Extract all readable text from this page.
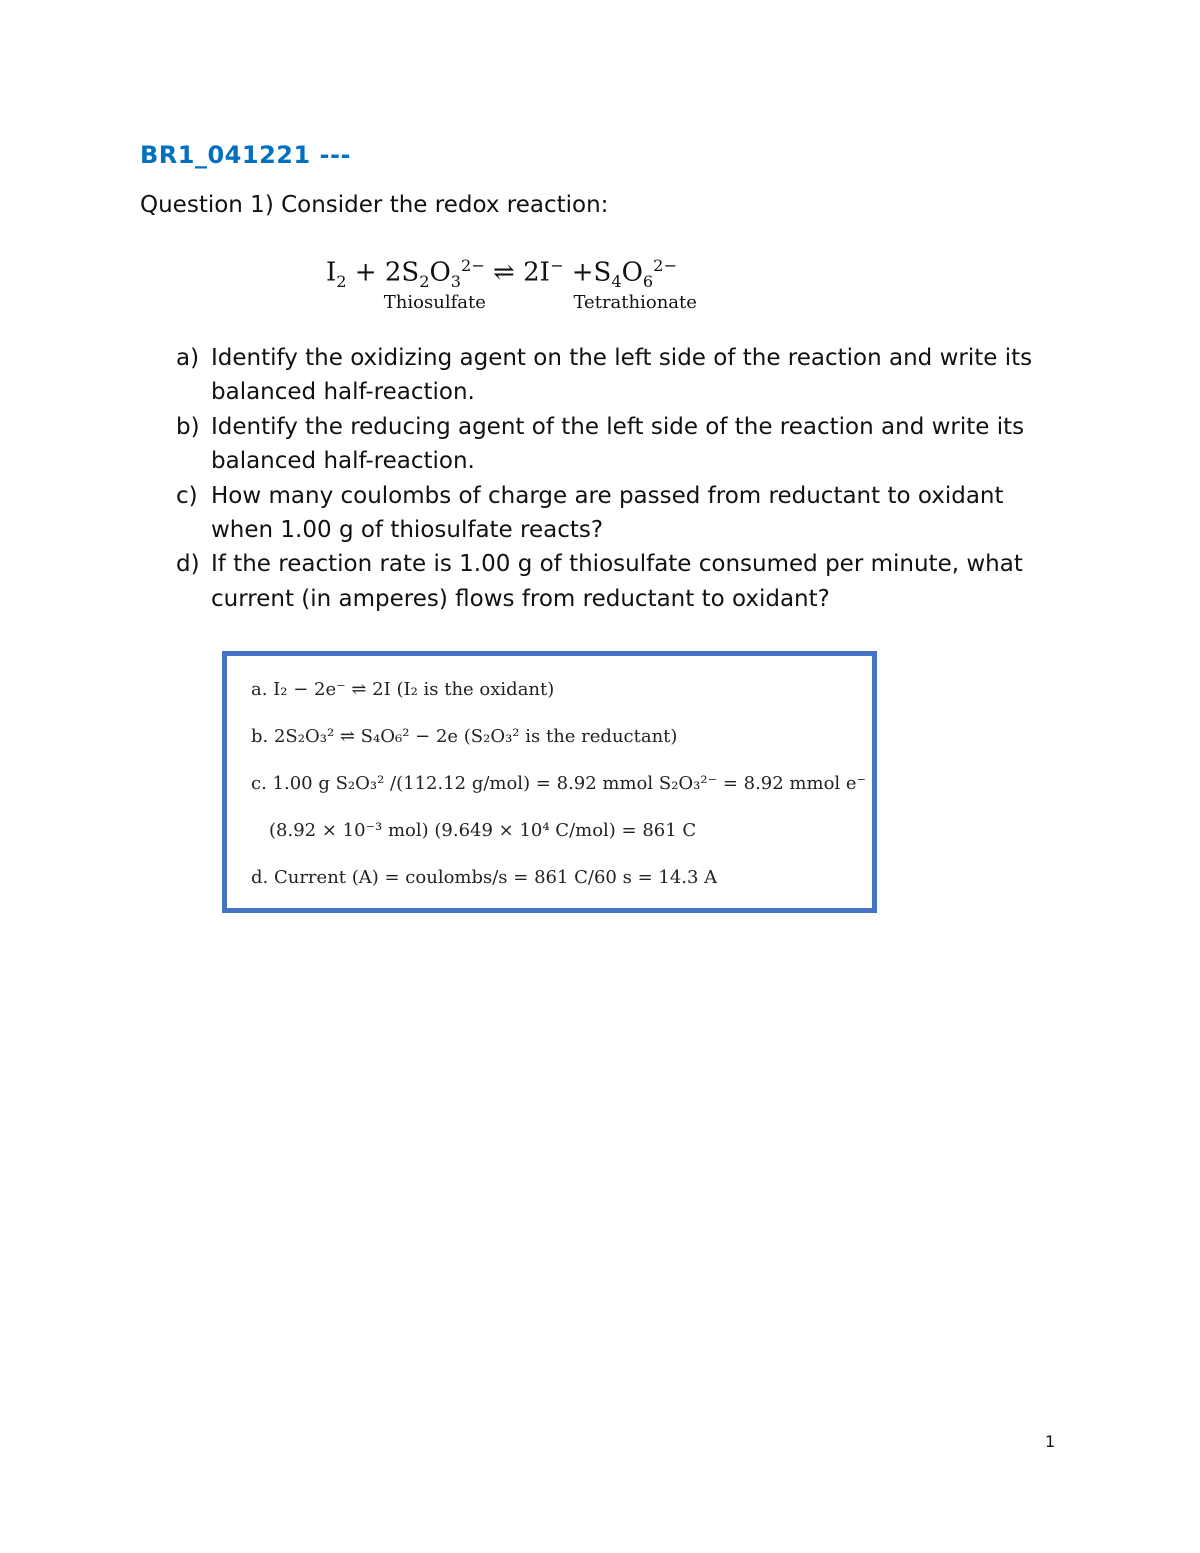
BR1_041221 ---
Question 1) Consider the redox reaction:
$I_2 + 2S_2O_3^{2-}$
Thiosulfate
⇌ $2I^- +S_4O_6^{2-}$
Tetrathionate
a) Identify the oxidizing agent on the left side of the reaction and write its balanced half-reaction.
b) Identify the reducing agent of the left side of the reaction and write its balanced half-reaction.
c) How many coulombs of charge are passed from reductant to oxidant when 1.00 g of thiosulfate reacts?
d) If the reaction rate is 1.00 g of thiosulfate consumed per minute, what current (in amperes) flows from reductant to oxidant?
a. I₂ − 2e⁻ ⇌ 2I (I₂ is the oxidant)
b. 2S₂O₃² ⇌ S₄O₆² − 2e (S₂O₃² is the reductant)
c. 1.00 g S₂O₃² /(112.12 g/mol) = 8.92 mmol S₂O₃²⁻ = 8.92 mmol e⁻
(8.92 × 10⁻³ mol) (9.649 × 10⁴ C/mol) = 861 C
d. Current (A) = coulombs/s = 861 C/60 s = 14.3 A
1
